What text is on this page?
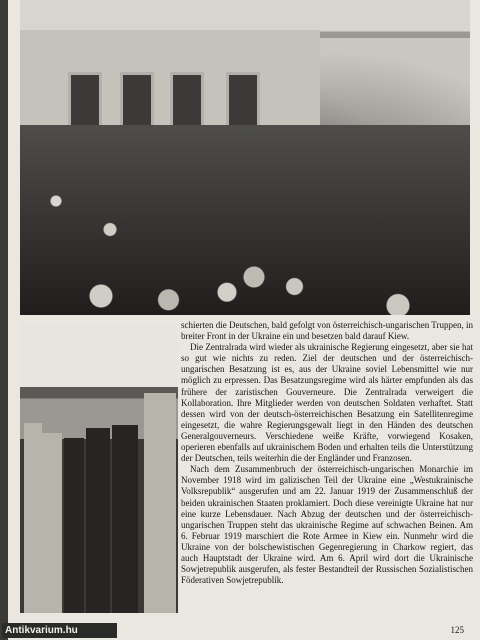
schierten die Deutschen, bald gefolgt von österreichisch-ungarischen Truppen, in breiter Front in der Ukraine ein und besetzen bald darauf Kiew.

Die Zentralrada wird wieder als ukrainische Regierung eingesetzt, aber sie hat so gut wie nichts zu reden. Ziel der deutschen und der österreichisch-ungarischen Besatzung ist es, aus der Ukraine soviel Lebensmittel wie nur möglich zu erpressen. Das Besatzungsregime wird als härter empfunden als das frühere der zaristischen Gouverneure. Die Zentralrada verweigert die Kollaboration. Ihre Mitglieder werden von deutschen Soldaten verhaftet. Statt dessen wird von der deutsch-österreichischen Besatzung ein Satellitenregime eingesetzt, die wahre Regierungsgewalt liegt in den Händen des deutschen Generalgouverneurs. Verschiedene weiße Kräfte, vorwiegend Kosaken, operieren ebenfalls auf ukrainischem Boden und erhalten teils die Unterstützung der Deutschen, teils weiterhin die der Engländer und Franzosen.

Nach dem Zusammenbruch der österreichisch-ungarischen Monarchie im November 1918 wird im galizischen Teil der Ukraine eine „Westukrainische Volksrepublik“ ausgerufen und am 22. Januar 1919 der Zusammenschluß der beiden ukrainischen Staaten proklamiert. Doch diese vereinigte Ukraine hat nur eine kurze Lebensdauer. Nach Abzug der deutschen und der österreichisch-ungarischen Truppen steht das ukrainische Regime auf schwachen Beinen. Am 6. Februar 1919 marschiert die Rote Armee in Kiew ein. Nunmehr wird die Ukraine von der bolschewistischen Gegenregierung in Charkow regiert, das auch Hauptstadt der Ukraine wird. Am 6. April wird dort die Ukrainische Sowjetrepublik ausgerufen, als fester Bestandteil der Russischen Sozialistischen Föderativen Sowjetrepublik.

125
Antikvarium.hu
